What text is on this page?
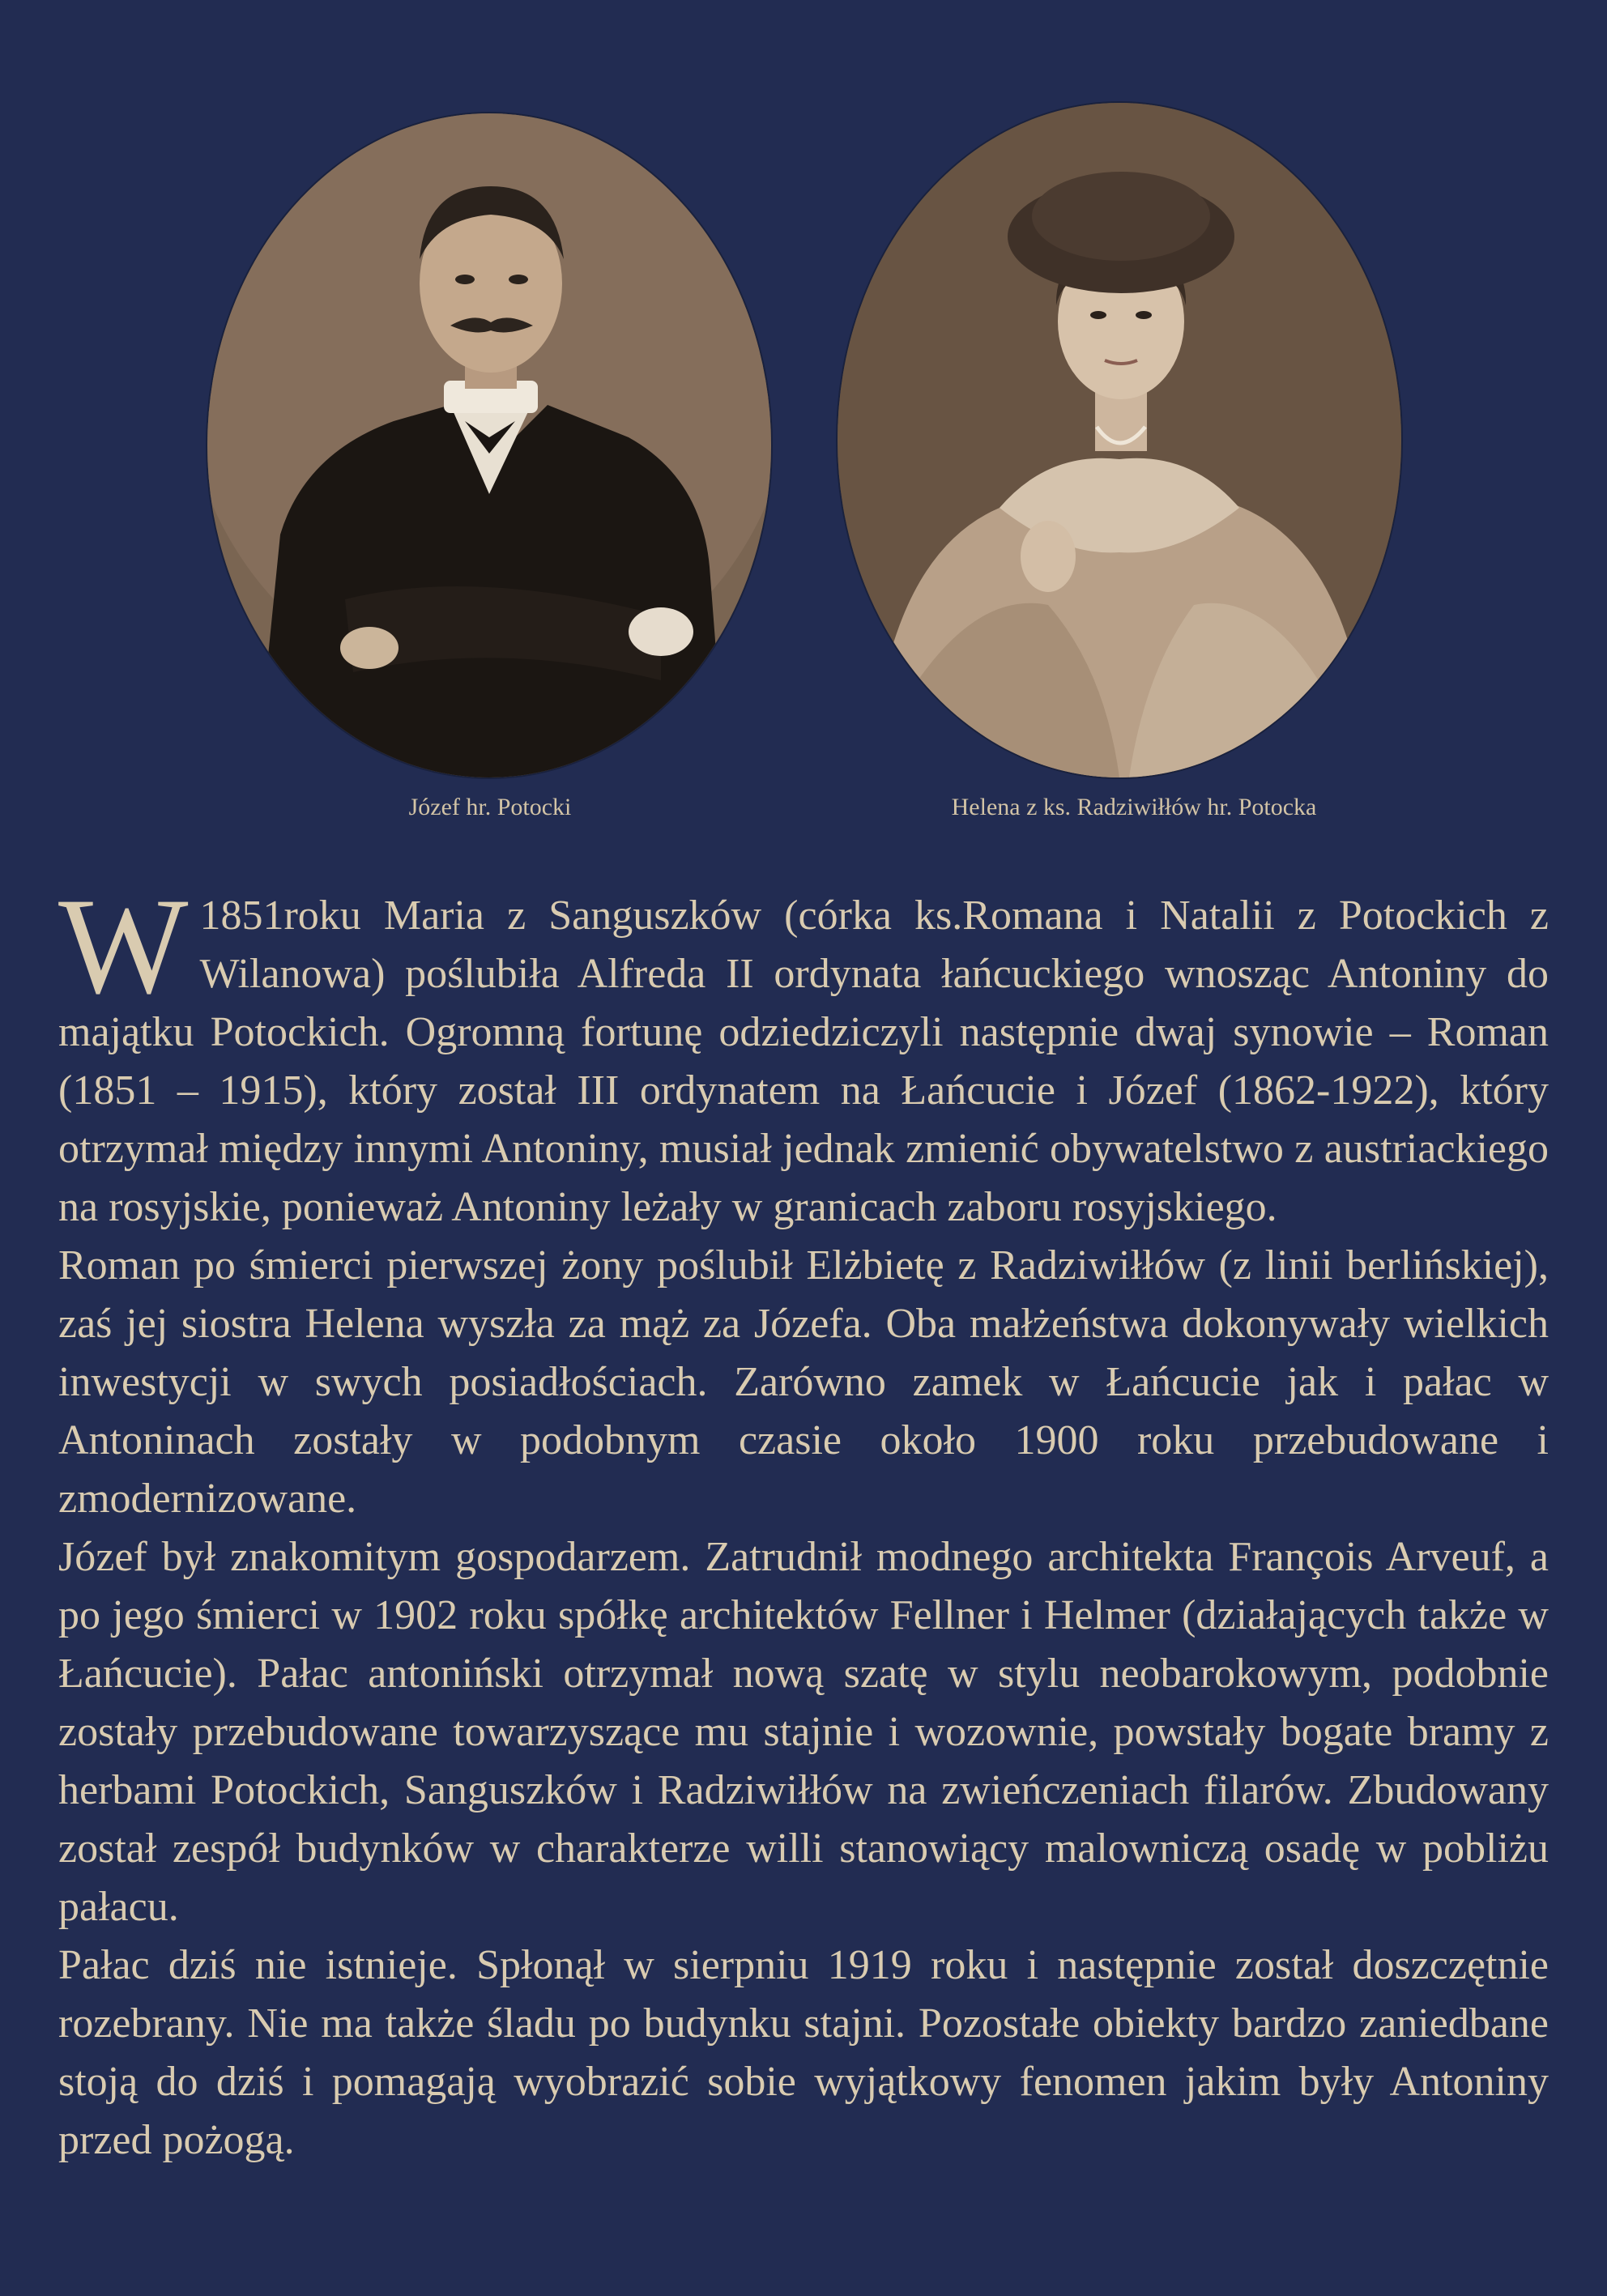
Józef hr. Potocki	Helena z ks. Radziwiłłów hr. Potocka

W 1851roku Maria z Sanguszków (córka ks.Romana i Natalii z Potockich z Wilanowa) poślubiła Alfreda II ordynata łańcuckiego wnosząc Antoniny do majątku Potockich. Ogromną fortunę odziedziczyli następnie dwaj synowie – Roman (1851 – 1915), który został III ordynatem na Łańcucie i Józef (1862-1922), który otrzymał między innymi Antoniny, musiał jednak zmienić obywatelstwo z austriackiego na rosyjskie, ponieważ Antoniny leżały w granicach zaboru rosyjskiego.

Roman po śmierci pierwszej żony poślubił Elżbietę z Radziwiłłów (z linii berlińskiej), zaś jej siostra Helena wyszła za mąż za Józefa. Oba małżeństwa dokonywały wielkich inwestycji w swych posiadłościach. Zarówno zamek w Łańcucie jak i pałac w Antoninach zostały w podobnym czasie około 1900 roku przebudowane i zmodernizowane.

Józef był znakomitym gospodarzem. Zatrudnił modnego architekta François Arveuf, a po jego śmierci w 1902 roku spółkę architektów Fellner i Helmer (działających także w Łańcucie). Pałac antoniński otrzymał nową szatę w stylu neobarokowym, podobnie zostały przebudowane towarzyszące mu stajnie i wozownie, powstały bogate bramy z herbami Potockich, Sanguszków i Radziwiłłów na zwieńczeniach filarów. Zbudowany został zespół budynków w charakterze willi stanowiący malowniczą osadę w pobliżu pałacu.

Pałac dziś nie istnieje. Spłonął w sierpniu 1919 roku i następnie został doszczętnie rozebrany. Nie ma także śladu po budynku stajni. Pozostałe obiekty bardzo zaniedbane stoją do dziś i pomagają wyobrazić sobie wyjątkowy fenomen jakim były Antoniny przed pożogą.
